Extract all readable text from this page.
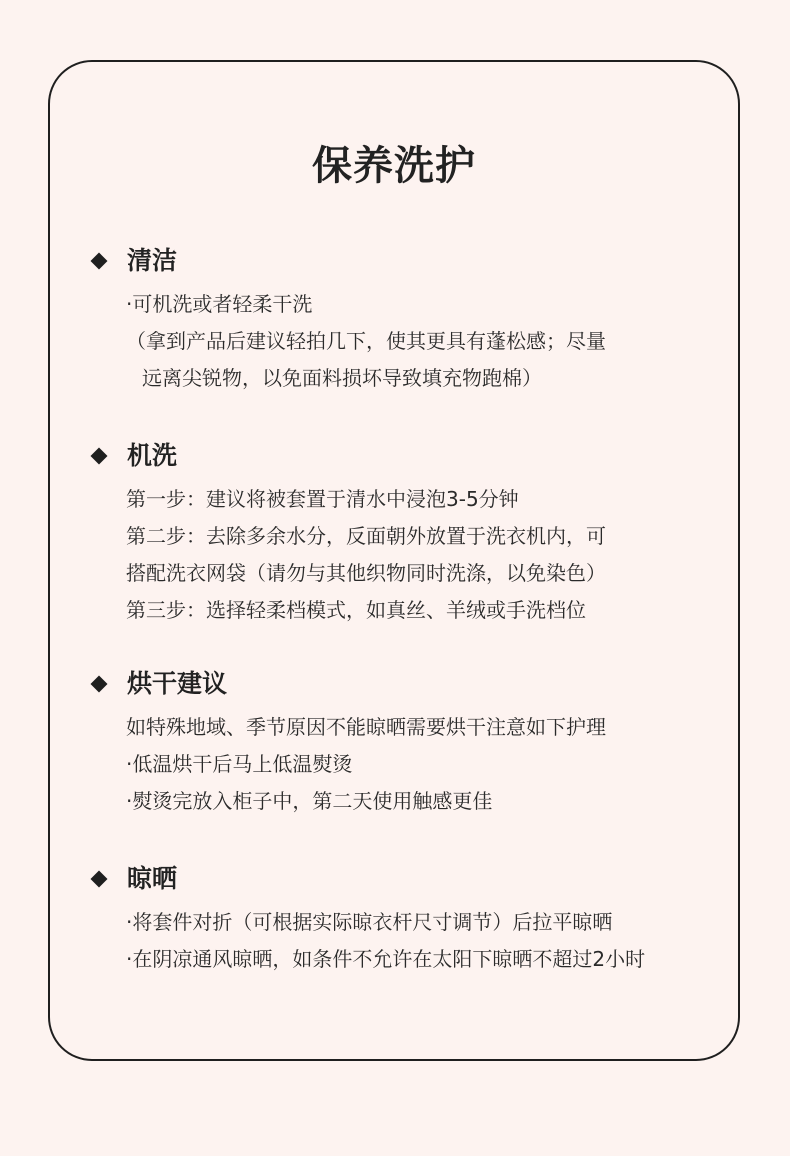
保养洗护
清洁
·可机洗或者轻柔干洗
（拿到产品后建议轻拍几下，使其更具有蓬松感；尽量
远离尖锐物，以免面料损坏导致填充物跑棉）
机洗
第一步：建议将被套置于清水中浸泡3-5分钟
第二步：去除多余水分，反面朝外放置于洗衣机内，可
搭配洗衣网袋（请勿与其他织物同时洗涤，以免染色）
第三步：选择轻柔档模式，如真丝、羊绒或手洗档位
烘干建议
如特殊地域、季节原因不能晾晒需要烘干注意如下护理
·低温烘干后马上低温熨烫
·熨烫完放入柜子中，第二天使用触感更佳
晾晒
·将套件对折（可根据实际晾衣杆尺寸调节）后拉平晾晒
·在阴凉通风晾晒，如条件不允许在太阳下晾晒不超过2小时
